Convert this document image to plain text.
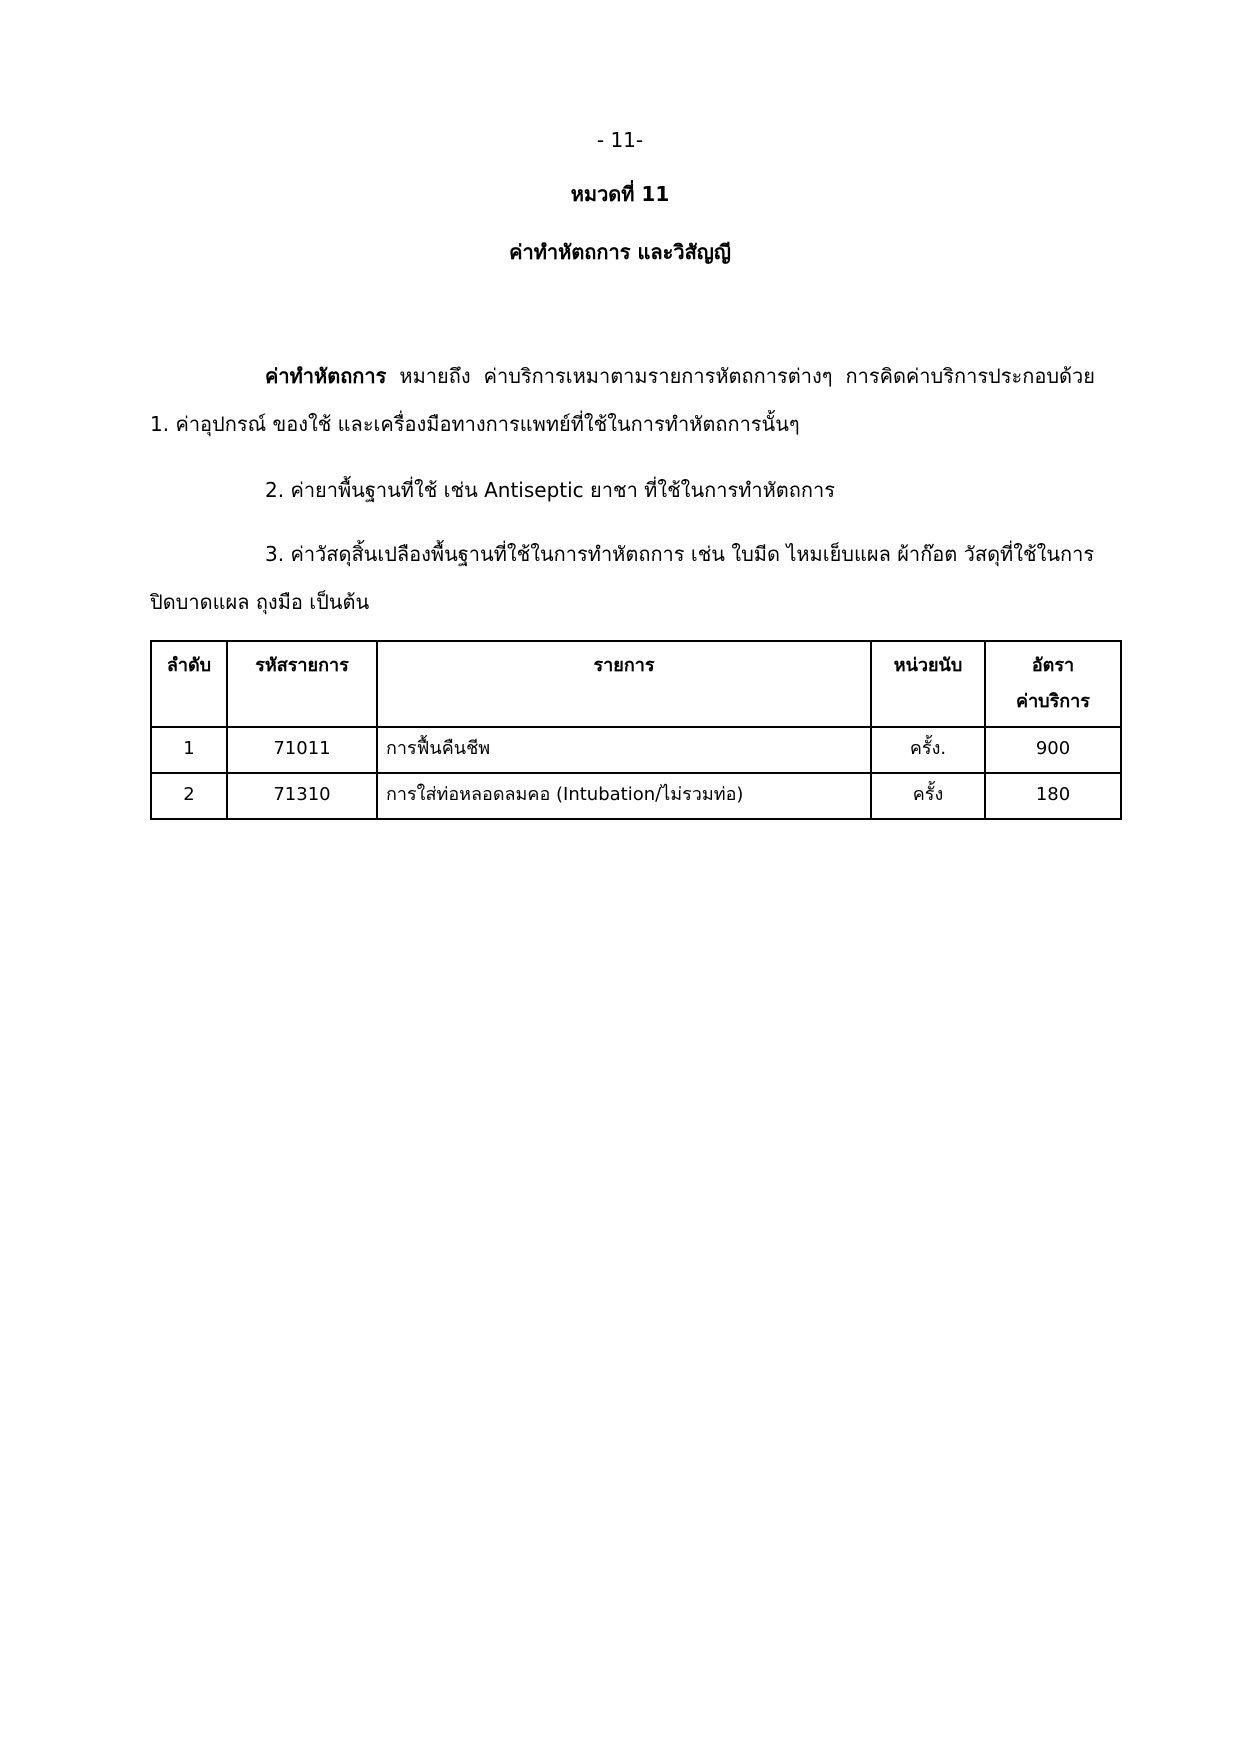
- 11-
หมวดที่ 11
ค่าทำหัตถการ และวิสัญญี

ค่าทำหัตถการ หมายถึง ค่าบริการเหมาตามรายการหัตถการต่างๆ การคิดค่าบริการประกอบด้วย 1. ค่าอุปกรณ์ ของใช้ และเครื่องมือทางการแพทย์ที่ใช้ในการทำหัตถการนั้นๆ

2. ค่ายาพื้นฐานที่ใช้ เช่น Antiseptic ยาชา ที่ใช้ในการทำหัตถการ

3. ค่าวัสดุสิ้นเปลืองพื้นฐานที่ใช้ในการทำหัตถการ เช่น ใบมีด ไหมเย็บแผล ผ้าก๊อต วัสดุที่ใช้ในการปิดบาดแผล ถุงมือ เป็นต้น

ลำดับ	รหัสรายการ	รายการ	หน่วยนับ	อัตรา
ค่าบริการ
1	71011	การฟื้นคืนชีพ	ครั้ง.	900
2	71310	การใส่ท่อหลอดลมคอ (Intubation/ไม่รวมท่อ)	ครั้ง	180
